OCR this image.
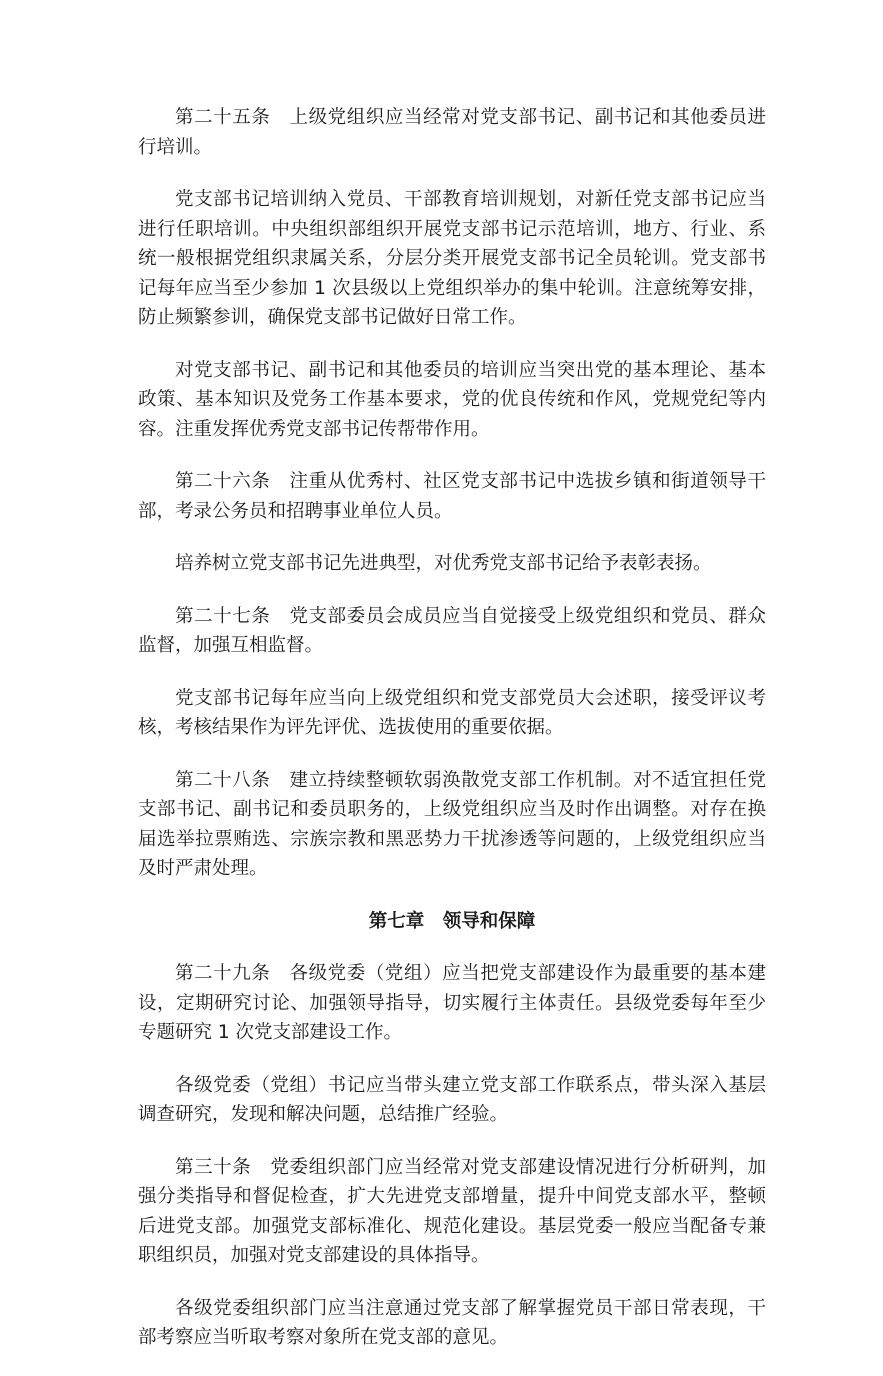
第二十五条　上级党组织应当经常对党支部书记、副书记和其他委员进行培训。

党支部书记培训纳入党员、干部教育培训规划，对新任党支部书记应当进行任职培训。中央组织部组织开展党支部书记示范培训，地方、行业、系统一般根据党组织隶属关系，分层分类开展党支部书记全员轮训。党支部书记每年应当至少参加 1 次县级以上党组织举办的集中轮训。注意统筹安排，防止频繁参训，确保党支部书记做好日常工作。

对党支部书记、副书记和其他委员的培训应当突出党的基本理论、基本政策、基本知识及党务工作基本要求，党的优良传统和作风，党规党纪等内容。注重发挥优秀党支部书记传帮带作用。

第二十六条　注重从优秀村、社区党支部书记中选拔乡镇和街道领导干部，考录公务员和招聘事业单位人员。

培养树立党支部书记先进典型，对优秀党支部书记给予表彰表扬。

第二十七条　党支部委员会成员应当自觉接受上级党组织和党员、群众监督，加强互相监督。

党支部书记每年应当向上级党组织和党支部党员大会述职，接受评议考核，考核结果作为评先评优、选拔使用的重要依据。

第二十八条　建立持续整顿软弱涣散党支部工作机制。对不适宜担任党支部书记、副书记和委员职务的，上级党组织应当及时作出调整。对存在换届选举拉票贿选、宗族宗教和黑恶势力干扰渗透等问题的，上级党组织应当及时严肃处理。

第七章　领导和保障

第二十九条　各级党委（党组）应当把党支部建设作为最重要的基本建设，定期研究讨论、加强领导指导，切实履行主体责任。县级党委每年至少专题研究 1 次党支部建设工作。

各级党委（党组）书记应当带头建立党支部工作联系点，带头深入基层调查研究，发现和解决问题，总结推广经验。

第三十条　党委组织部门应当经常对党支部建设情况进行分析研判，加强分类指导和督促检查，扩大先进党支部增量，提升中间党支部水平，整顿后进党支部。加强党支部标准化、规范化建设。基层党委一般应当配备专兼职组织员，加强对党支部建设的具体指导。

各级党委组织部门应当注意通过党支部了解掌握党员干部日常表现，干部考察应当听取考察对象所在党支部的意见。
